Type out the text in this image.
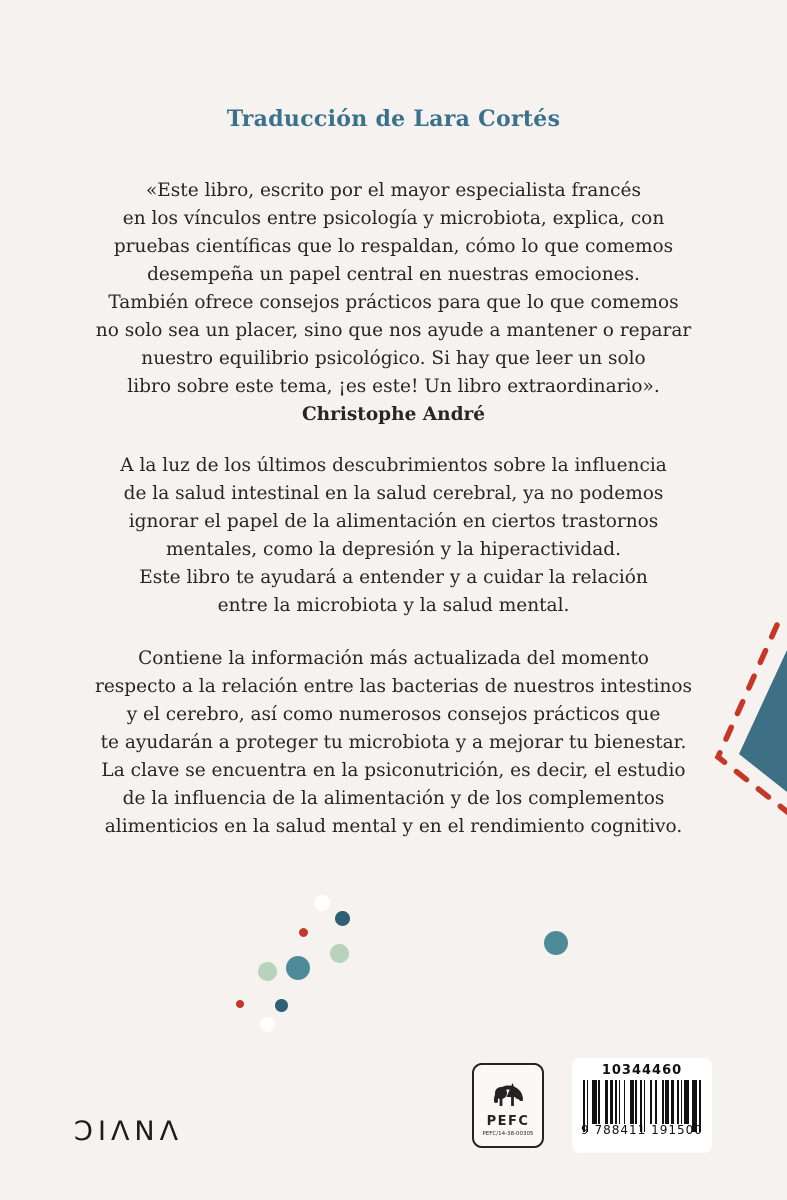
Traducción de Lara Cortés
«Este libro, escrito por el mayor especialista francés
en los vínculos entre psicología y microbiota, explica, con
pruebas científicas que lo respaldan, cómo lo que comemos
desempeña un papel central en nuestras emociones.
También ofrece consejos prácticos para que lo que comemos
no solo sea un placer, sino que nos ayude a mantener o reparar
nuestro equilibrio psicológico. Si hay que leer un solo
libro sobre este tema, ¡es este! Un libro extraordinario».
Christophe André
A la luz de los últimos descubrimientos sobre la influencia
de la salud intestinal en la salud cerebral, ya no podemos
ignorar el papel de la alimentación en ciertos trastornos
mentales, como la depresión y la hiperactividad.
Este libro te ayudará a entender y a cuidar la relación
entre la microbiota y la salud mental.
Contiene la información más actualizada del momento
respecto a la relación entre las bacterias de nuestros intestinos
y el cerebro, así como numerosos consejos prácticos que
te ayudarán a proteger tu microbiota y a mejorar tu bienestar.
La clave se encuentra en la psiconutrición, es decir, el estudio
de la influencia de la alimentación y de los complementos
alimenticios en la salud mental y en el rendimiento cognitivo.
ƆIΛNΛ	PEFC
PEFC/14-38-00305
10344460
9 788411 191500
